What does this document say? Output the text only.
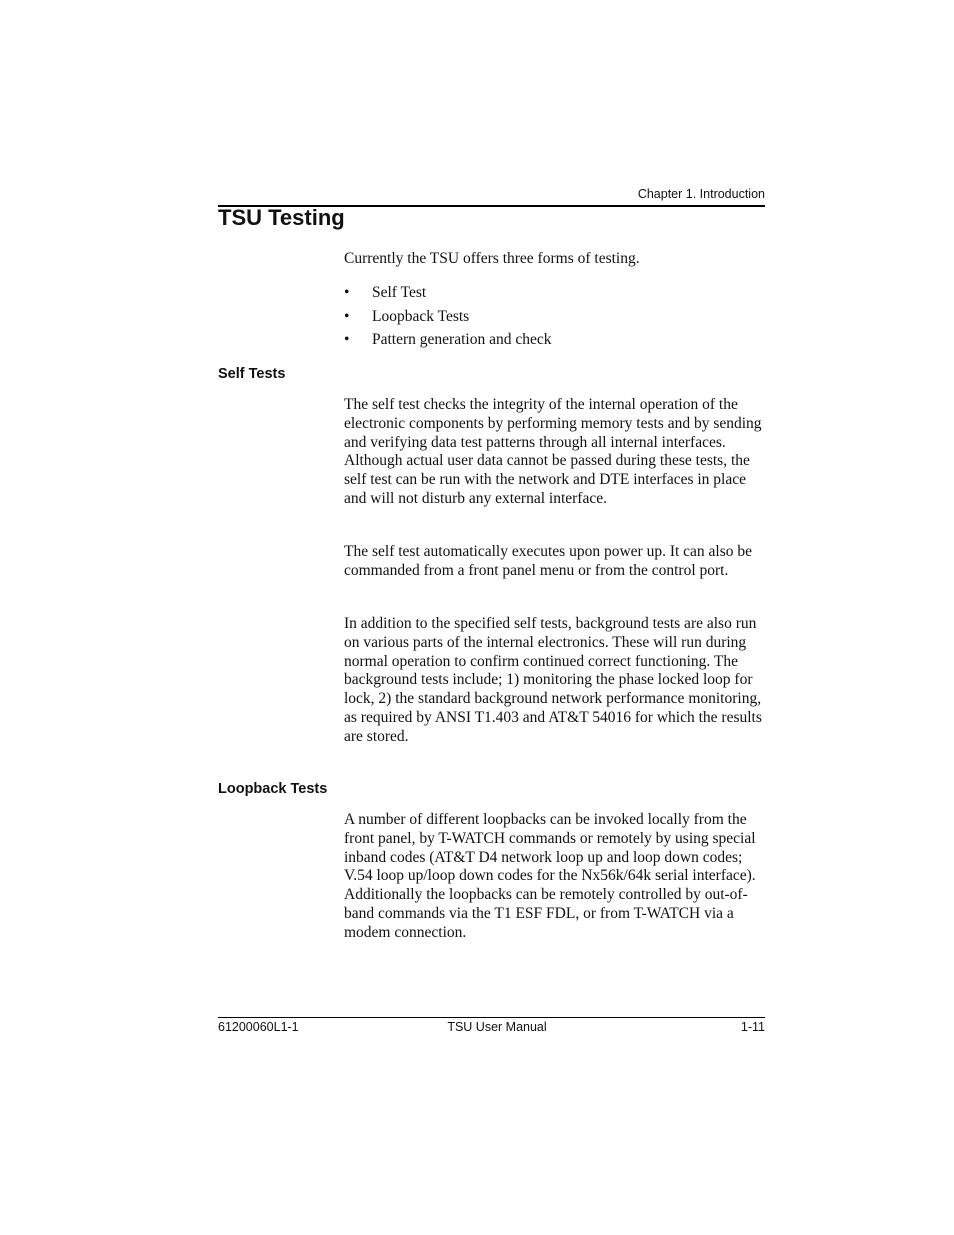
Chapter 1. Introduction
TSU Testing

Currently the TSU offers three forms of testing.

• Self Test
• Loopback Tests
• Pattern generation and check
Self Tests

The self test checks the integrity of the internal operation of the electronic components by performing memory tests and by sending and verifying data test patterns through all internal interfaces. Although actual user data cannot be passed during these tests, the self test can be run with the network and DTE interfaces in place and will not disturb any external interface.

The self test automatically executes upon power up. It can also be commanded from a front panel menu or from the control port.

In addition to the specified self tests, background tests are also run on various parts of the internal electronics. These will run during normal operation to confirm continued correct functioning. The background tests include; 1) monitoring the phase locked loop for lock, 2) the standard background network performance monitoring, as required by ANSI T1.403 and AT&T 54016 for which the results are stored.

Loopback Tests

A number of different loopbacks can be invoked locally from the front panel, by T-WATCH commands or remotely by using special inband codes (AT&T D4 network loop up and loop down codes; V.54 loop up/loop down codes for the Nx56k/64k serial interface). Additionally the loopbacks can be remotely controlled by out-of-band commands via the T1 ESF FDL, or from T-WATCH via a modem connection.

61200060L1-1	TSU User Manual	1-11
